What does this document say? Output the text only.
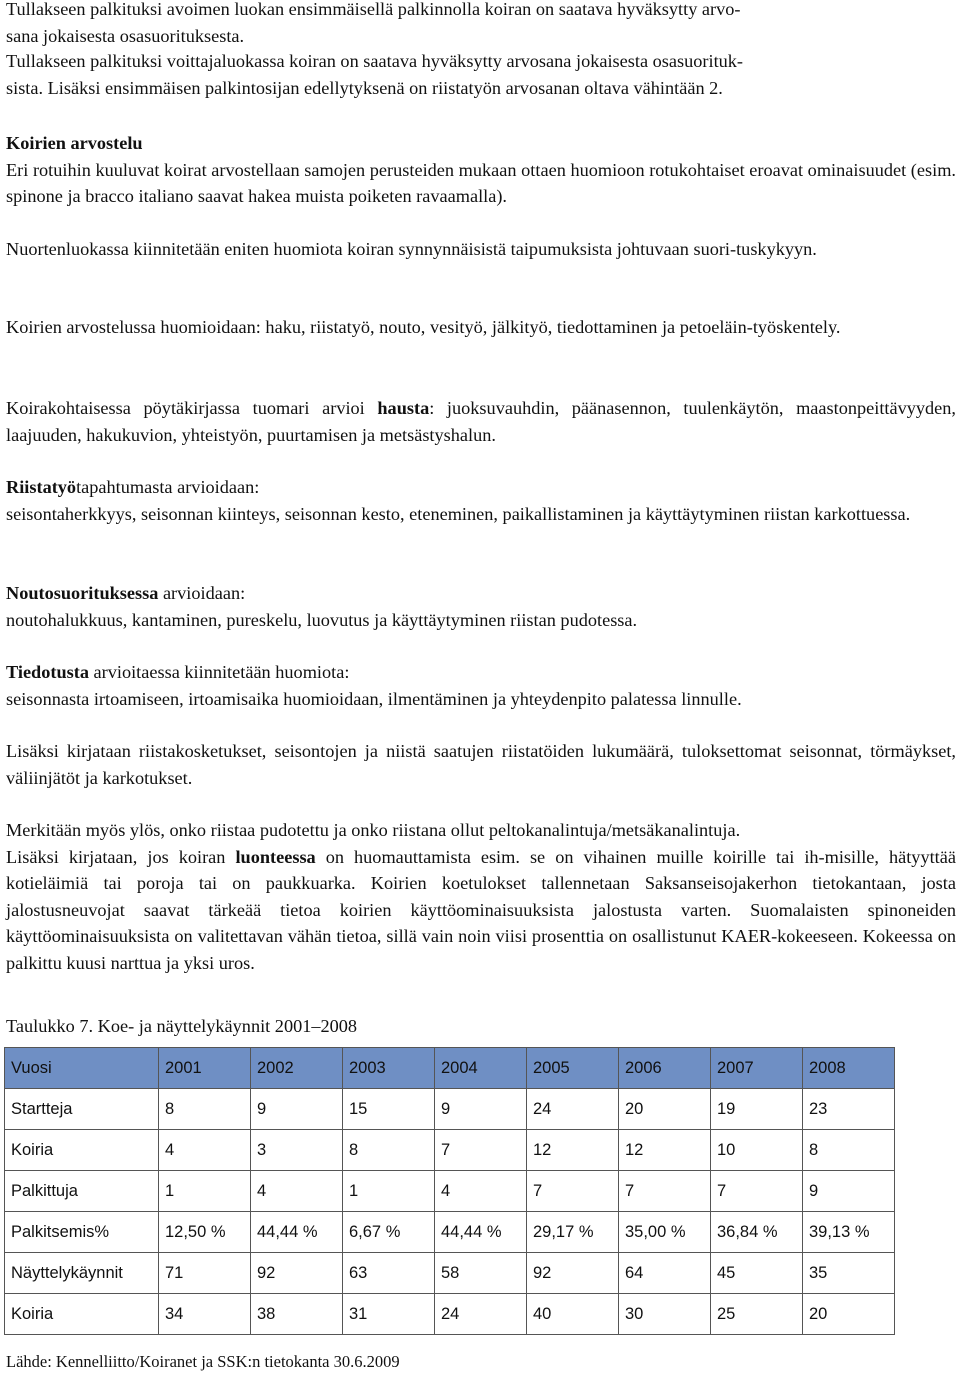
Tullakseen palkituksi avoimen luokan ensimmäisellä palkinnolla koiran on saatava hyväksytty arvo-
sana jokaisesta osasuorituksesta.
Tullakseen palkituksi voittajaluokassa koiran on saatava hyväksytty arvosana jokaisesta osasuorituk-
sista. Lisäksi ensimmäisen palkintosijan edellytyksenä on riistatyön arvosanan oltava vähintään 2.
Koirien arvostelu
Eri rotuihin kuuluvat koirat arvostellaan samojen perusteiden mukaan ottaen huomioon rotukohtaiset eroavat ominaisuudet (esim. spinone ja bracco italiano saavat hakea muista poiketen ravaamalla).
Nuortenluokassa kiinnitetään eniten huomiota koiran synnynnäisistä taipumuksista johtuvaan suori-tuskykyyn.
Koirien arvostelussa huomioidaan: haku, riistatyö, nouto, vesityö, jälkityö, tiedottaminen ja petoeläin-työskentely.
Koirakohtaisessa pöytäkirjassa tuomari arvioi hausta: juoksuvauhdin, päänasennon, tuulenkäytön, maastonpeittävyyden, laajuuden, hakukuvion, yhteistyön, puurtamisen ja metsästyshalun.
Riistatyötapahtumasta arvioidaan:
seisontaherkkyys, seisonnan kiinteys, seisonnan kesto, eteneminen, paikallistaminen ja käyttäytyminen riistan karkottuessa.
Noutosuorituksessa arvioidaan:
noutohalukkuus, kantaminen, pureskelu, luovutus ja käyttäytyminen riistan pudotessa.
Tiedotusta arvioitaessa kiinnitetään huomiota:
seisonnasta irtoamiseen, irtoamisaika huomioidaan, ilmentäminen ja yhteydenpito palatessa linnulle.
Lisäksi kirjataan riistakosketukset, seisontojen ja niistä saatujen riistatöiden lukumäärä, tuloksettomat seisonnat, törmäykset, väliinjätöt ja karkotukset.
Merkitään myös ylös, onko riistaa pudotettu ja onko riistana ollut peltokanalintuja/metsäkanalintuja.
Lisäksi kirjataan, jos koiran luonteessa on huomauttamista esim. se on vihainen muille koirille tai ih-misille, hätyyttää kotieläimiä tai poroja tai on paukkuarka. Koirien koetulokset tallennetaan Saksanseisojakerhon tietokantaan, josta jalostusneuvojat saavat tärkeää tietoa koirien käyttöominaisuuksista jalostusta varten. Suomalaisten spinoneiden käyttöominaisuuksista on valitettavan vähän tietoa, sillä vain noin viisi prosenttia on osallistunut KAER-kokeeseen. Kokeessa on palkittu kuusi narttua ja yksi uros.
Taulukko 7. Koe- ja näyttelykäynnit 2001–2008
Vuosi	2001	2002	2003	2004	2005	2006	2007	2008
Startteja	8	9	15	9	24	20	19	23
Koiria	4	3	8	7	12	12	10	8
Palkittuja	1	4	1	4	7	7	7	9
Palkitsemis%	12,50 %	44,44 %	6,67 %	44,44 %	29,17 %	35,00 %	36,84 %	39,13 %
Näyttelykäynnit	71	92	63	58	92	64	45	35
Koiria	34	38	31	24	40	30	25	20
Lähde: Kennelliitto/Koiranet ja SSK:n tietokanta 30.6.2009
